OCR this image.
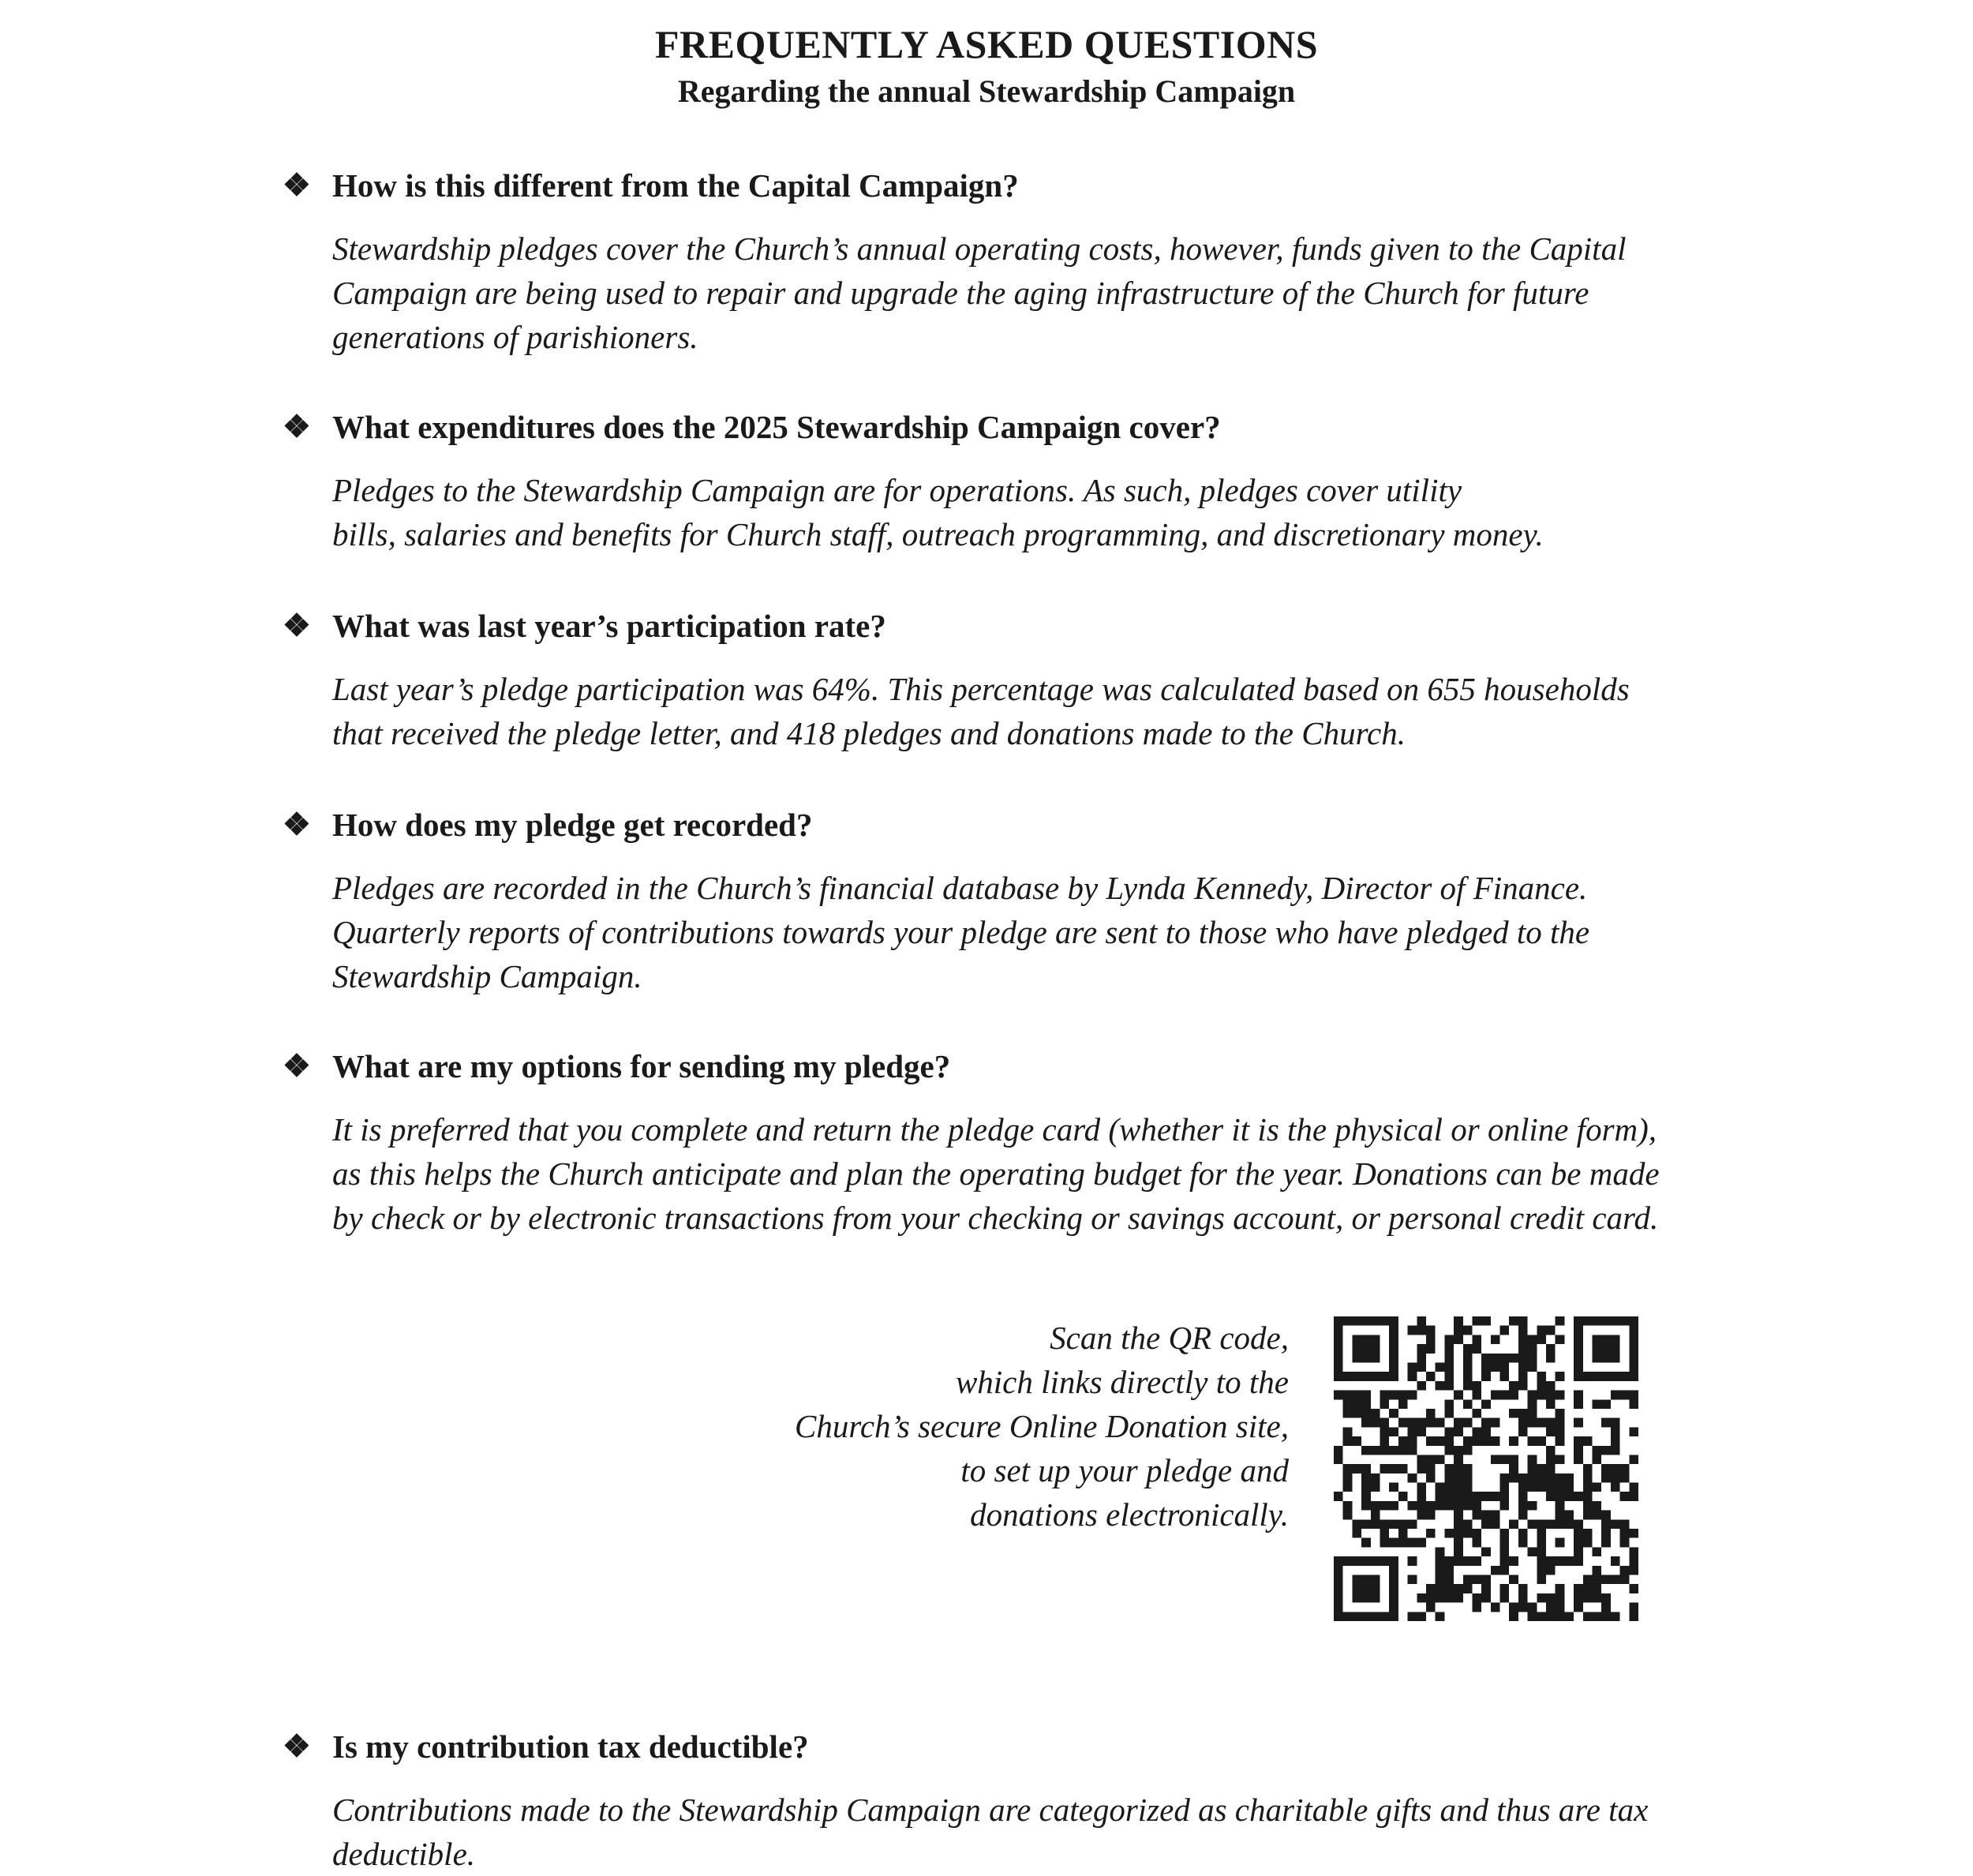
FREQUENTLY ASKED QUESTIONS
Regarding the annual Stewardship Campaign
❖ How is this different from the Capital Campaign?
Stewardship pledges cover the Church’s annual operating costs, however, funds given to the Capital
Campaign are being used to repair and upgrade the aging infrastructure of the Church for future
generations of parishioners.
❖ What expenditures does the 2025 Stewardship Campaign cover?
Pledges to the Stewardship Campaign are for operations. As such, pledges cover utility
bills, salaries and benefits for Church staff, outreach programming, and discretionary money.
❖ What was last year’s participation rate?
Last year’s pledge participation was 64%. This percentage was calculated based on 655 households
that received the pledge letter, and 418 pledges and donations made to the Church.
❖ How does my pledge get recorded?
Pledges are recorded in the Church’s financial database by Lynda Kennedy, Director of Finance.
Quarterly reports of contributions towards your pledge are sent to those who have pledged to the
Stewardship Campaign.
❖ What are my options for sending my pledge?
It is preferred that you complete and return the pledge card (whether it is the physical or online form),
as this helps the Church anticipate and plan the operating budget for the year. Donations can be made
by check or by electronic transactions from your checking or savings account, or personal credit card.
Scan the QR code,
which links directly to the
Church’s secure Online Donation site,
to set up your pledge and
donations electronically.
❖ Is my contribution tax deductible?
Contributions made to the Stewardship Campaign are categorized as charitable gifts and thus are tax
deductible.
